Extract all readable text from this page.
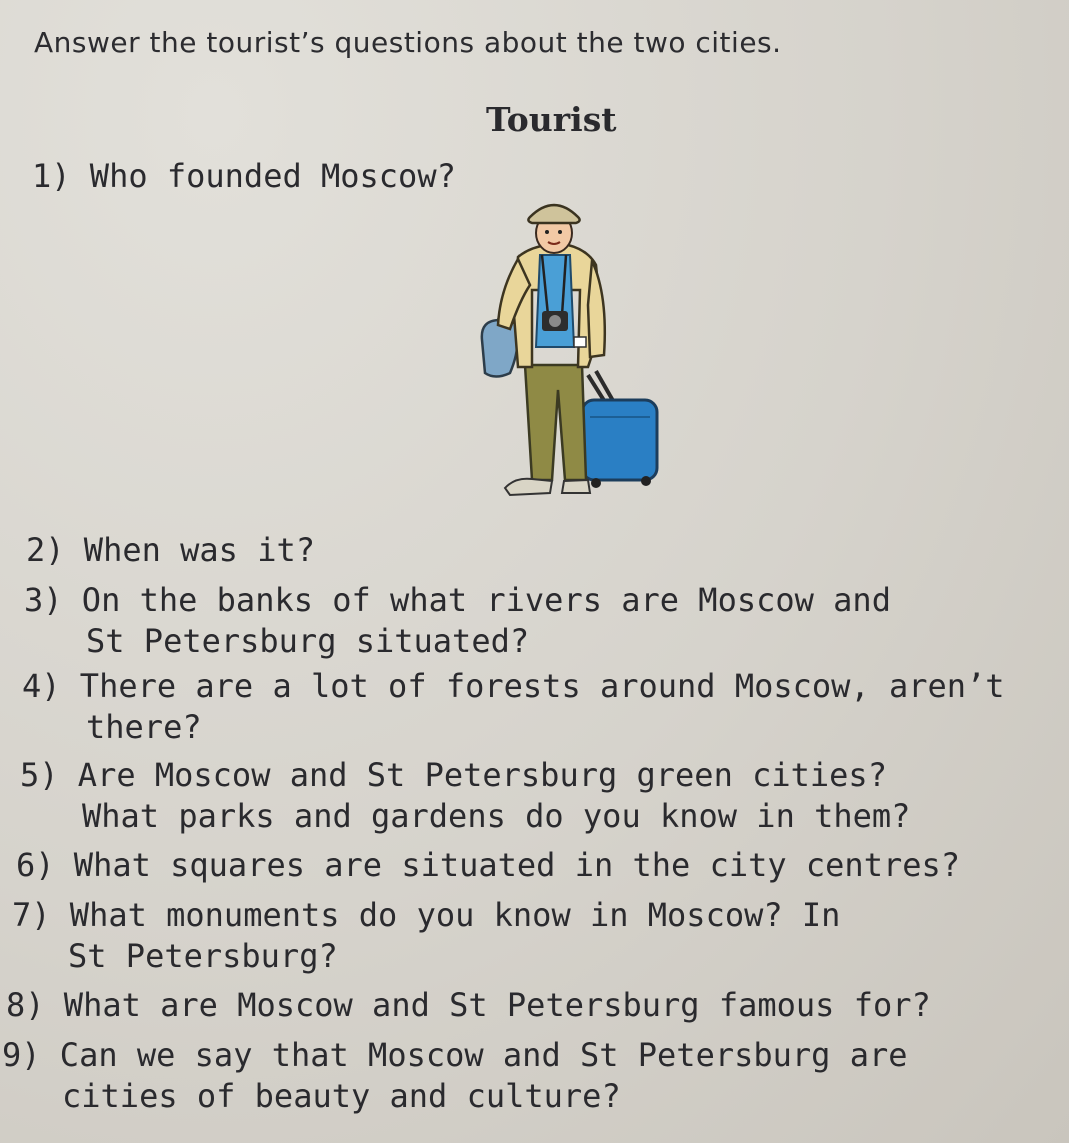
Answer the tourist’s questions about the two cities.
Tourist
1) Who founded Moscow?
2) When was it?
3) On the banks of what rivers are Moscow and
St Petersburg situated?
4) There are a lot of forests around Moscow, aren’t
there?
5) Are Moscow and St Petersburg green cities?
What parks and gardens do you know in them?
6) What squares are situated in the city centres?
7) What monuments do you know in Moscow? In
St Petersburg?
8) What are Moscow and St Petersburg famous for?
9) Can we say that Moscow and St Petersburg are
cities of beauty and culture?
